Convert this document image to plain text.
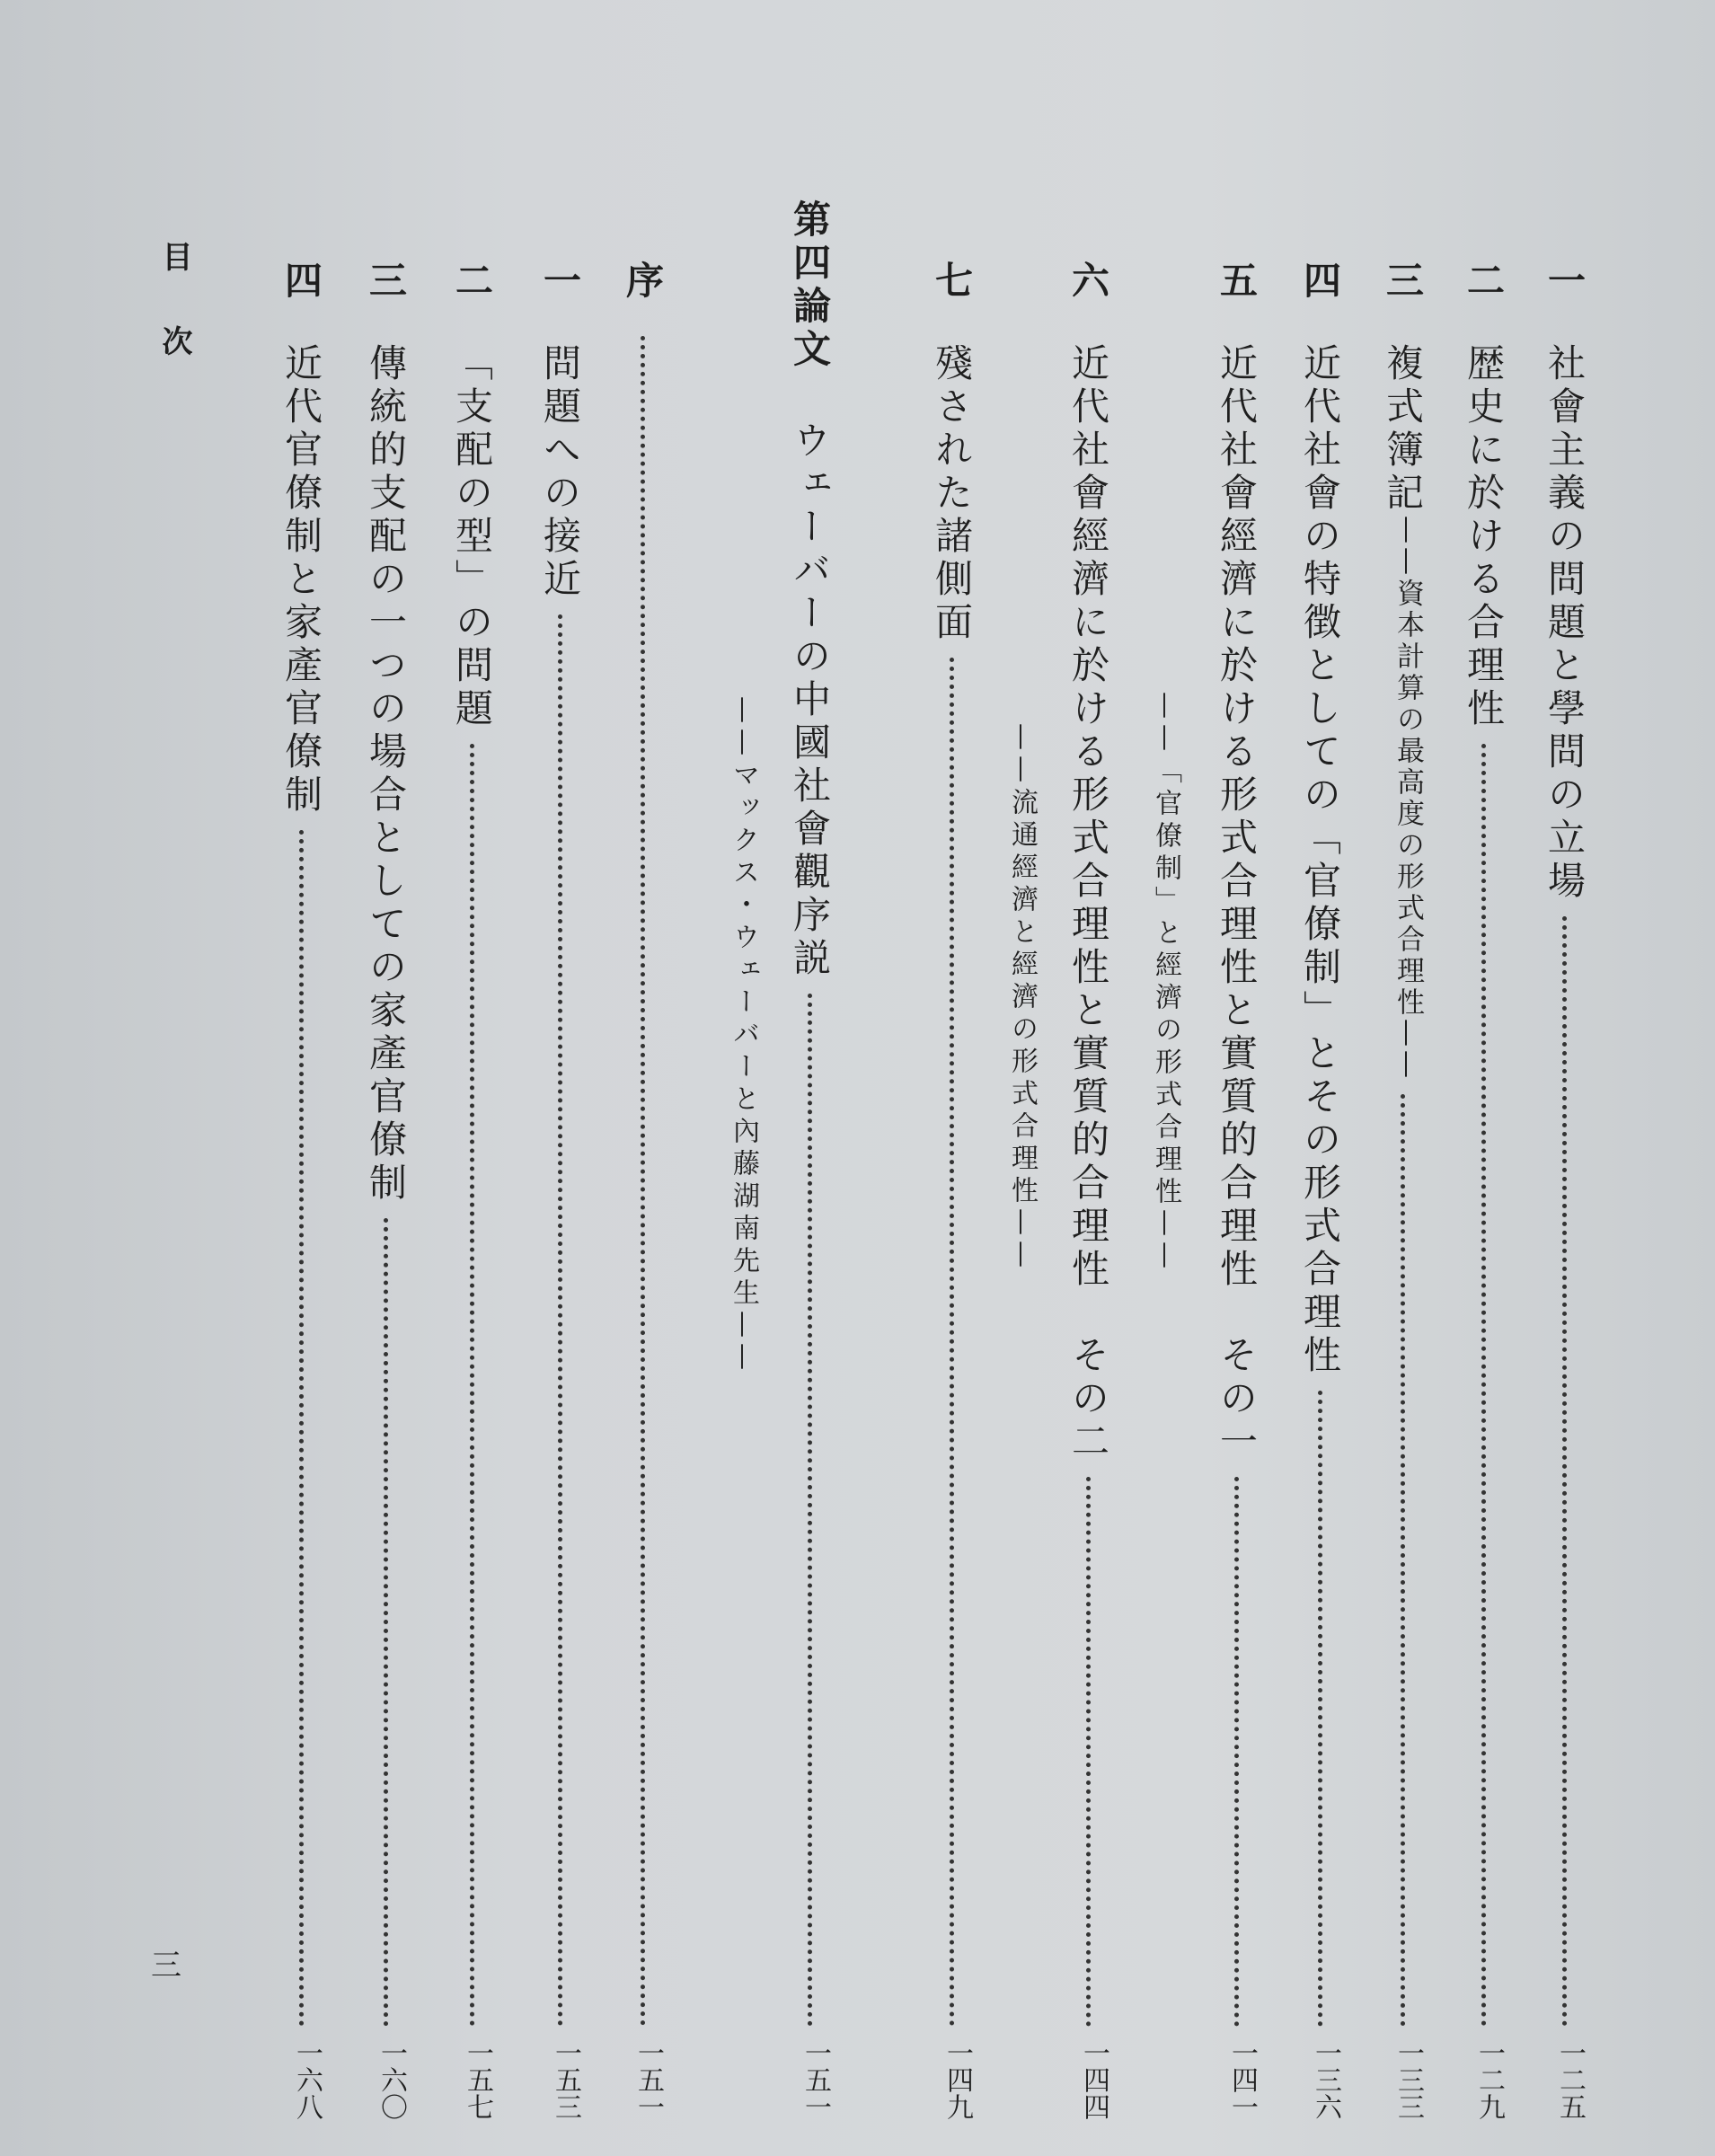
一
社會主義の問題と學問の立場
一二五
二
歴史に於ける合理性
一二九
三
複式簿記
——資本計算の最高度の形式合理性——
一三三
四
近代社會の特徴としての「官僚制」とその形式合理性
一三六
五
近代社會經濟に於ける形式合理性と實質的合理性　その一
一四一
——「官僚制」と經濟の形式合理性——
六
近代社會經濟に於ける形式合理性と實質的合理性　その二
一四四
——流通經濟と經濟の形式合理性——
七
殘された諸側面
一四九
第四論文
ウェーバーの中國社會觀序説
一五一
——マックス・ウェーバーと內藤湖南先生——
序
一五一
一
問題への接近
一五三
二
「支配の型」の問題
一五七
三
傳統的支配の一つの場合としての家產官僚制
一六〇
四
近代官僚制と家產官僚制
一六八
目次
三
